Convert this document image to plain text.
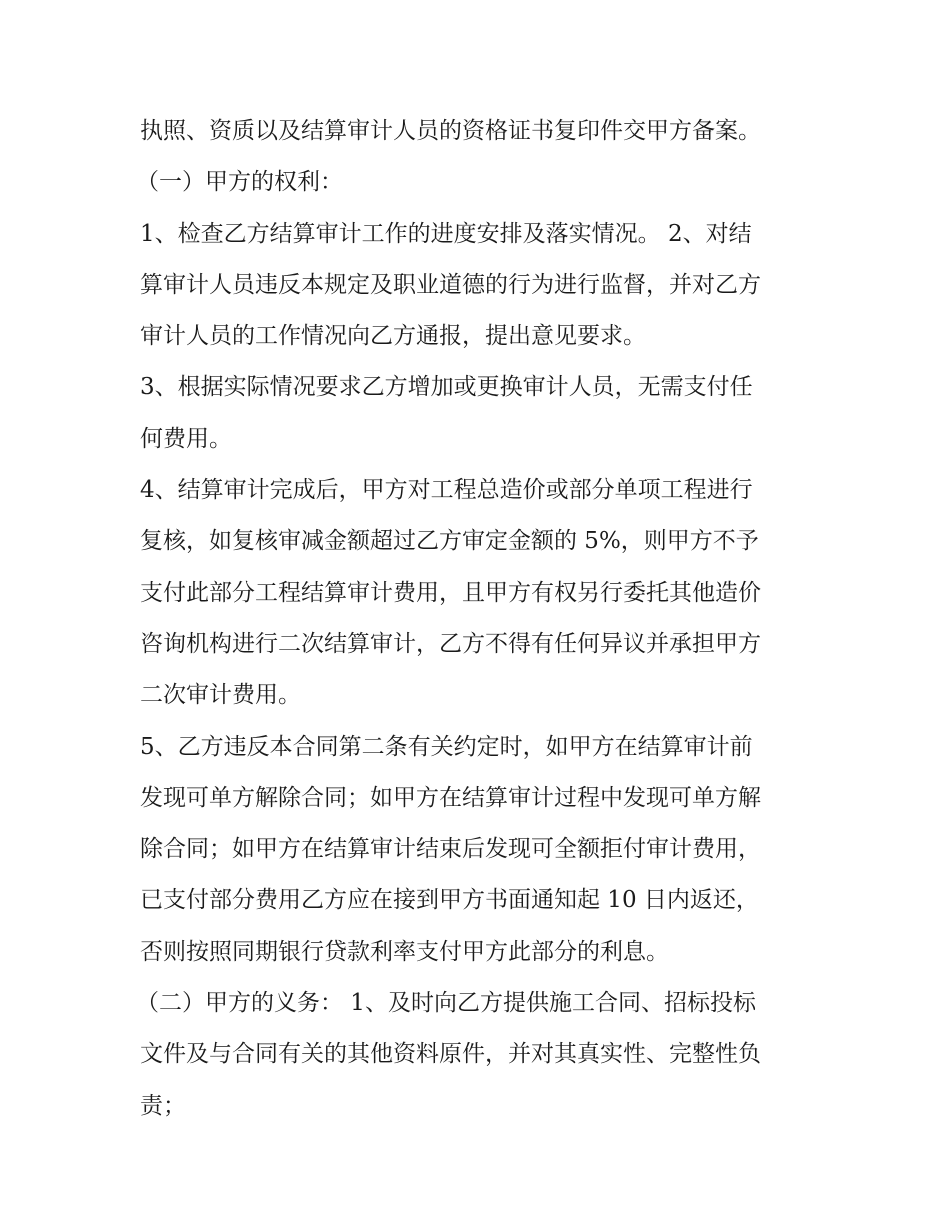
执照、资质以及结算审计人员的资格证书复印件交甲方备案。
（一）甲方的权利：
1、检查乙方结算审计工作的进度安排及落实情况。 2、对结
算审计人员违反本规定及职业道德的行为进行监督，并对乙方
审计人员的工作情况向乙方通报，提出意见要求。
3、根据实际情况要求乙方增加或更换审计人员，无需支付任
何费用。
4、结算审计完成后，甲方对工程总造价或部分单项工程进行
复核，如复核审减金额超过乙方审定金额的 5%，则甲方不予
支付此部分工程结算审计费用，且甲方有权另行委托其他造价
咨询机构进行二次结算审计，乙方不得有任何异议并承担甲方
二次审计费用。
5、乙方违反本合同第二条有关约定时，如甲方在结算审计前
发现可单方解除合同；如甲方在结算审计过程中发现可单方解
除合同；如甲方在结算审计结束后发现可全额拒付审计费用，
已支付部分费用乙方应在接到甲方书面通知起 10 日内返还，
否则按照同期银行贷款利率支付甲方此部分的利息。
（二）甲方的义务： 1、及时向乙方提供施工合同、招标投标
文件及与合同有关的其他资料原件，并对其真实性、完整性负
责；
